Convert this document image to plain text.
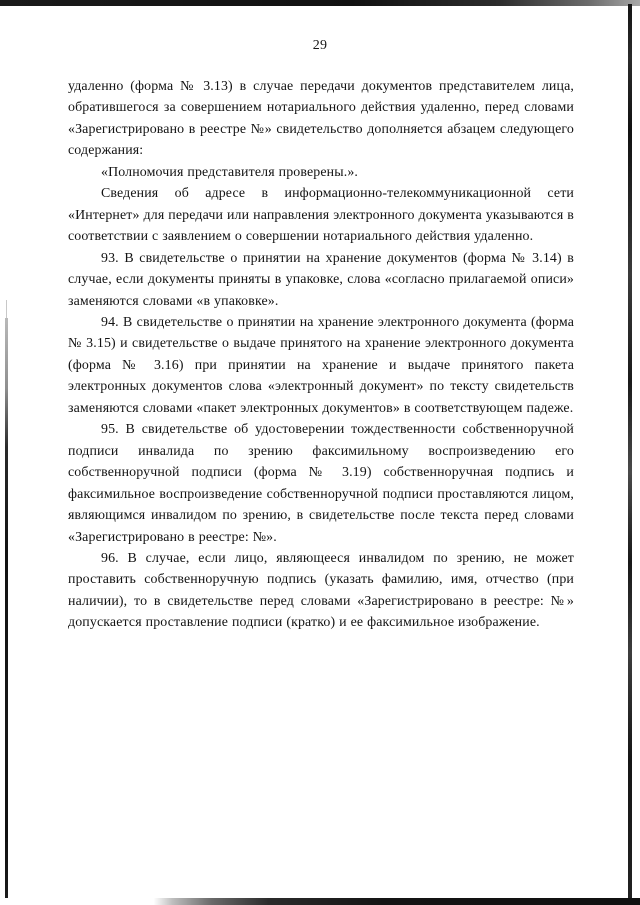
29

удаленно (форма № 3.13) в случае передачи документов представителем лица, обратившегося за совершением нотариального действия удаленно, перед словами «Зарегистрировано в реестре №» свидетельство дополняется абзацем следующего содержания:

«Полномочия представителя проверены.».

Сведения об адресе в информационно-телекоммуникационной сети «Интернет» для передачи или направления электронного документа указываются в соответствии с заявлением о совершении нотариального действия удаленно.

93. В свидетельстве о принятии на хранение документов (форма № 3.14) в случае, если документы приняты в упаковке, слова «согласно прилагаемой описи» заменяются словами «в упаковке».

94. В свидетельстве о принятии на хранение электронного документа (форма № 3.15) и свидетельстве о выдаче принятого на хранение электронного документа (форма № 3.16) при принятии на хранение и выдаче принятого пакета электронных документов слова «электронный документ» по тексту свидетельств заменяются словами «пакет электронных документов» в соответствующем падеже.

95. В свидетельстве об удостоверении тождественности собственноручной подписи инвалида по зрению факсимильному воспроизведению его собственноручной подписи (форма № 3.19) собственноручная подпись и факсимильное воспроизведение собственноручной подписи проставляются лицом, являющимся инвалидом по зрению, в свидетельстве после текста перед словами «Зарегистрировано в реестре: №».

96. В случае, если лицо, являющееся инвалидом по зрению, не может проставить собственноручную подпись (указать фамилию, имя, отчество (при наличии), то в свидетельстве перед словами «Зарегистрировано в реестре: №» допускается проставление подписи (кратко) и ее факсимильное изображение.
